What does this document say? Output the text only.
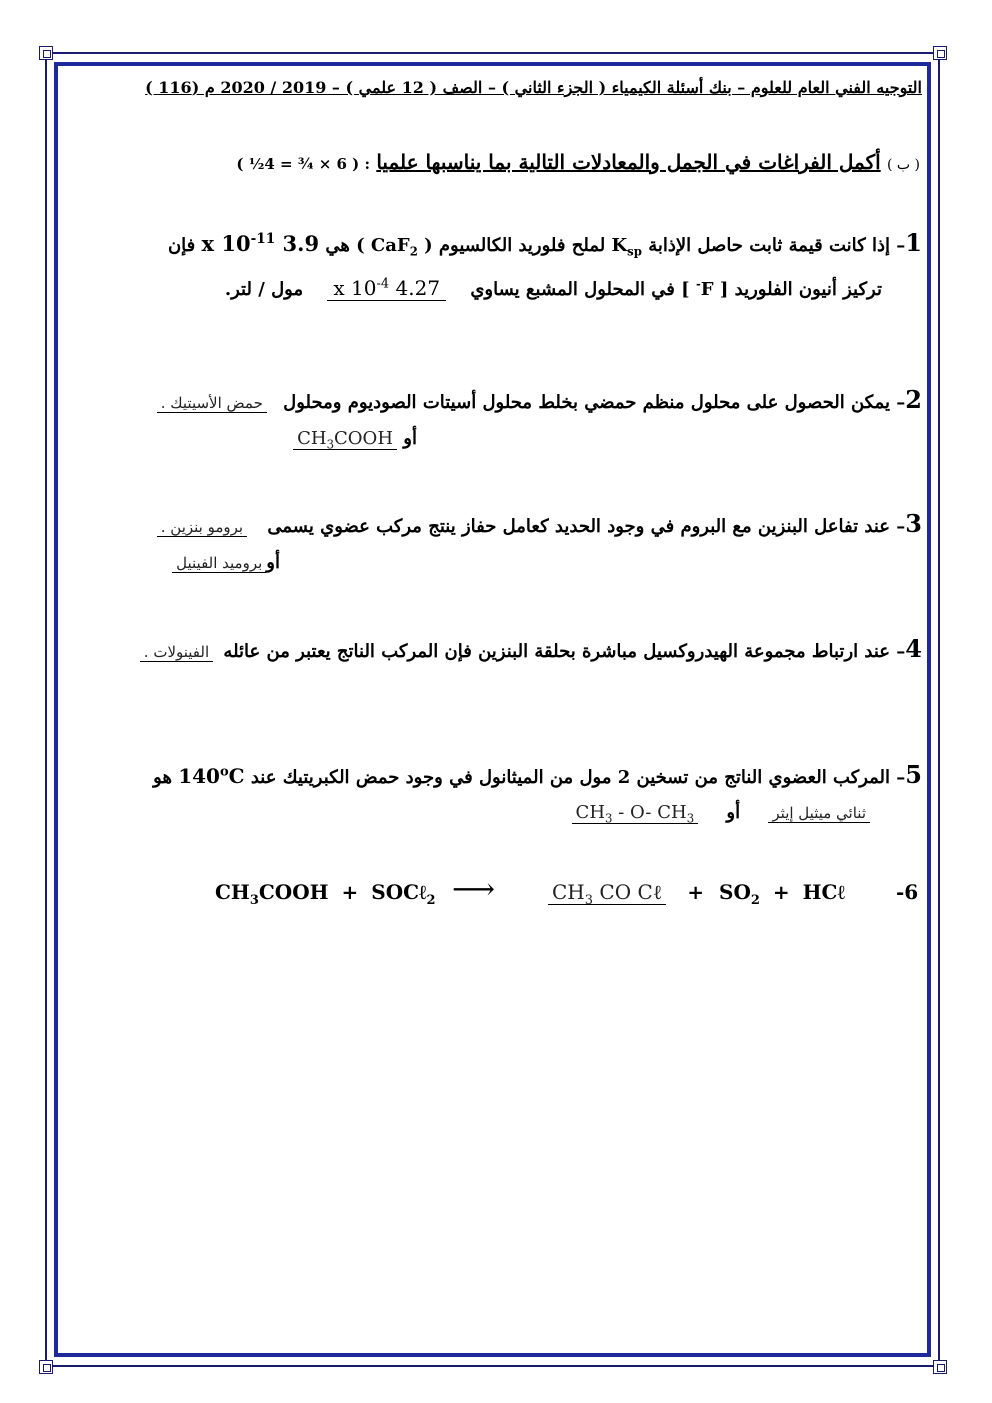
التوجيه الفني العام للعلوم – بنك أسئلة الكيمياء ( الجزء الثاني ) – الصف ( 12 علمي ) – 2019 / 2020 م (116 )
( ب ) أكمل الفراغات في الجمل والمعادلات التالية بما يناسبها علميا : ( 6 × ¾ = 4½ )
1– إذا كانت قيمة ثابت حاصل الإذابة $K_{sp}$ لملح فلوريد الكالسيوم ( CaF$_2$ ) هي 3.9 x $10^{-11}$ فإن
تركيز أنيون الفلوريد [ F- ] في المحلول المشبع يساوي 4.27 x $10^{-4}$ مول / لتر.
2– يمكن الحصول على محلول منظم حمضي بخلط محلول أسيتات الصوديوم ومحلول حمض الأسيتيك .
أو $CH_3COOH$
3– عند تفاعل البنزين مع البروم في وجود الحديد كعامل حفاز ينتج مركب عضوي يسمى برومو بنزين .
أوبروميد الفينيل
4– عند ارتباط مجموعة الهيدروكسيل مباشرة بحلقة البنزين فإن المركب الناتج يعتبر من عائله الفينولات .
5– المركب العضوي الناتج من تسخين 2 مول من الميثانول في وجود حمض الكبريتيك عند 140$^o$C هو
ثنائي ميثيل إيثر أو $CH_3 - O-$ $CH_3$
$CH_3COOH$ + SOCℓ$_2$ ⟶	$CH_3$ CO Cℓ + $SO_2$ + HCℓ	-6
